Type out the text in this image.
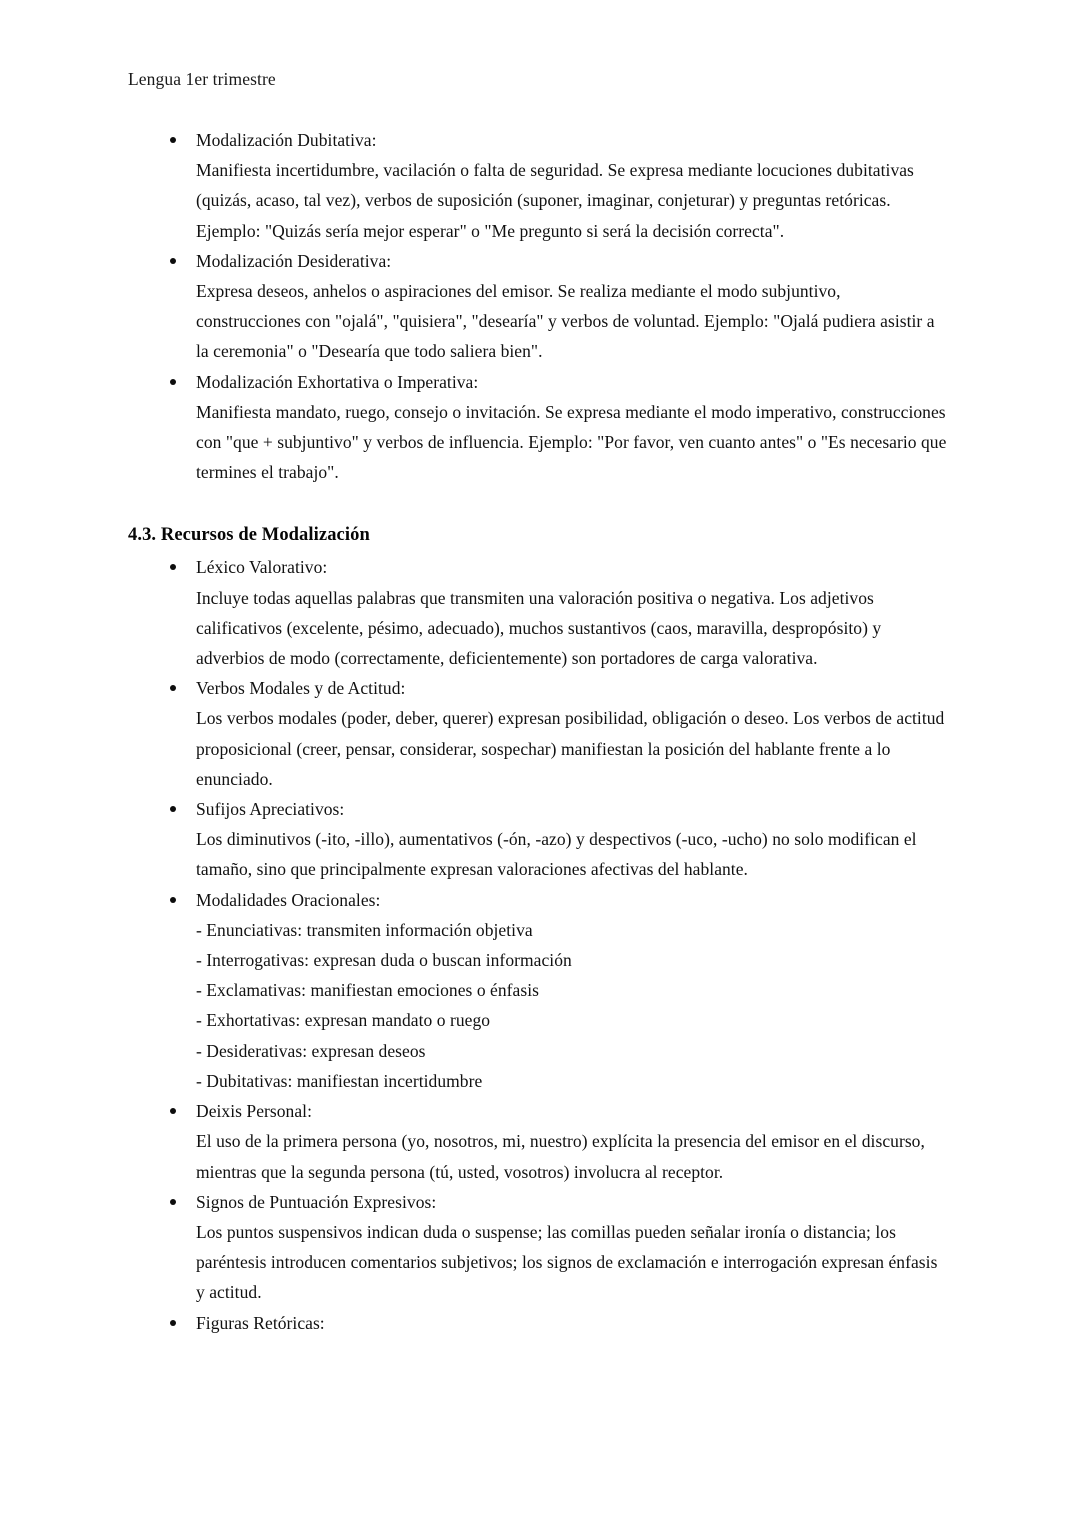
Lengua 1er trimestre
Modalización Dubitativa:
Manifiesta incertidumbre, vacilación o falta de seguridad. Se expresa mediante locuciones dubitativas (quizás, acaso, tal vez), verbos de suposición (suponer, imaginar, conjeturar) y preguntas retóricas. Ejemplo: "Quizás sería mejor esperar" o "Me pregunto si será la decisión correcta".
Modalización Desiderativa:
Expresa deseos, anhelos o aspiraciones del emisor. Se realiza mediante el modo subjuntivo, construcciones con "ojalá", "quisiera", "desearía" y verbos de voluntad. Ejemplo: "Ojalá pudiera asistir a la ceremonia" o "Desearía que todo saliera bien".
Modalización Exhortativa o Imperativa:
Manifiesta mandato, ruego, consejo o invitación. Se expresa mediante el modo imperativo, construcciones con "que + subjuntivo" y verbos de influencia. Ejemplo: "Por favor, ven cuanto antes" o "Es necesario que termines el trabajo".
4.3. Recursos de Modalización
Léxico Valorativo:
Incluye todas aquellas palabras que transmiten una valoración positiva o negativa. Los adjetivos calificativos (excelente, pésimo, adecuado), muchos sustantivos (caos, maravilla, despropósito) y adverbios de modo (correctamente, deficientemente) son portadores de carga valorativa.
Verbos Modales y de Actitud:
Los verbos modales (poder, deber, querer) expresan posibilidad, obligación o deseo. Los verbos de actitud proposicional (creer, pensar, considerar, sospechar) manifiestan la posición del hablante frente a lo enunciado.
Sufijos Apreciativos:
Los diminutivos (-ito, -illo), aumentativos (-ón, -azo) y despectivos (-uco, -ucho) no solo modifican el tamaño, sino que principalmente expresan valoraciones afectivas del hablante.
Modalidades Oracionales:
- Enunciativas: transmiten información objetiva
- Interrogativas: expresan duda o buscan información
- Exclamativas: manifiestan emociones o énfasis
- Exhortativas: expresan mandato o ruego
- Desiderativas: expresan deseos
- Dubitativas: manifiestan incertidumbre
Deixis Personal:
El uso de la primera persona (yo, nosotros, mi, nuestro) explícita la presencia del emisor en el discurso, mientras que la segunda persona (tú, usted, vosotros) involucra al receptor.
Signos de Puntuación Expresivos:
Los puntos suspensivos indican duda o suspense; las comillas pueden señalar ironía o distancia; los paréntesis introducen comentarios subjetivos; los signos de exclamación e interrogación expresan énfasis y actitud.
Figuras Retóricas:
